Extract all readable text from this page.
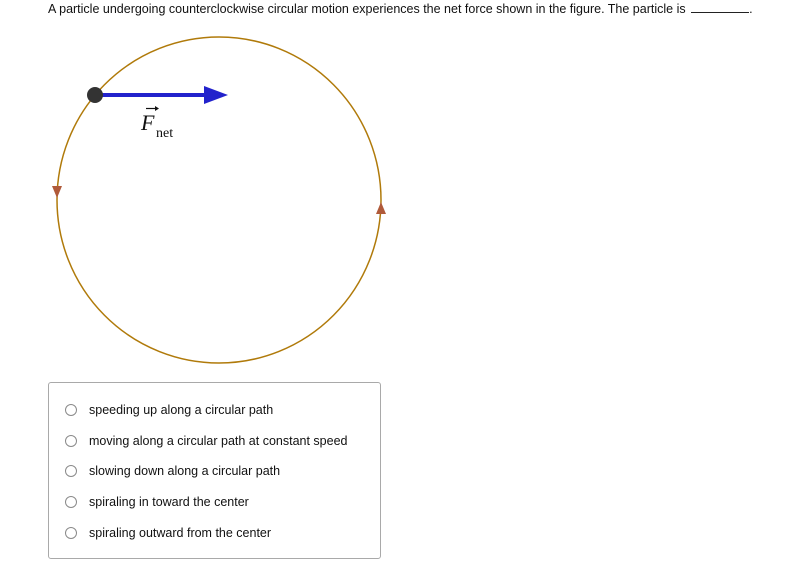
A particle undergoing counterclockwise circular motion experiences the net force shown in the figure. The particle is	.
F net
speeding up along a circular path
moving along a circular path at constant speed
slowing down along a circular path
spiraling in toward the center
spiraling outward from the center
